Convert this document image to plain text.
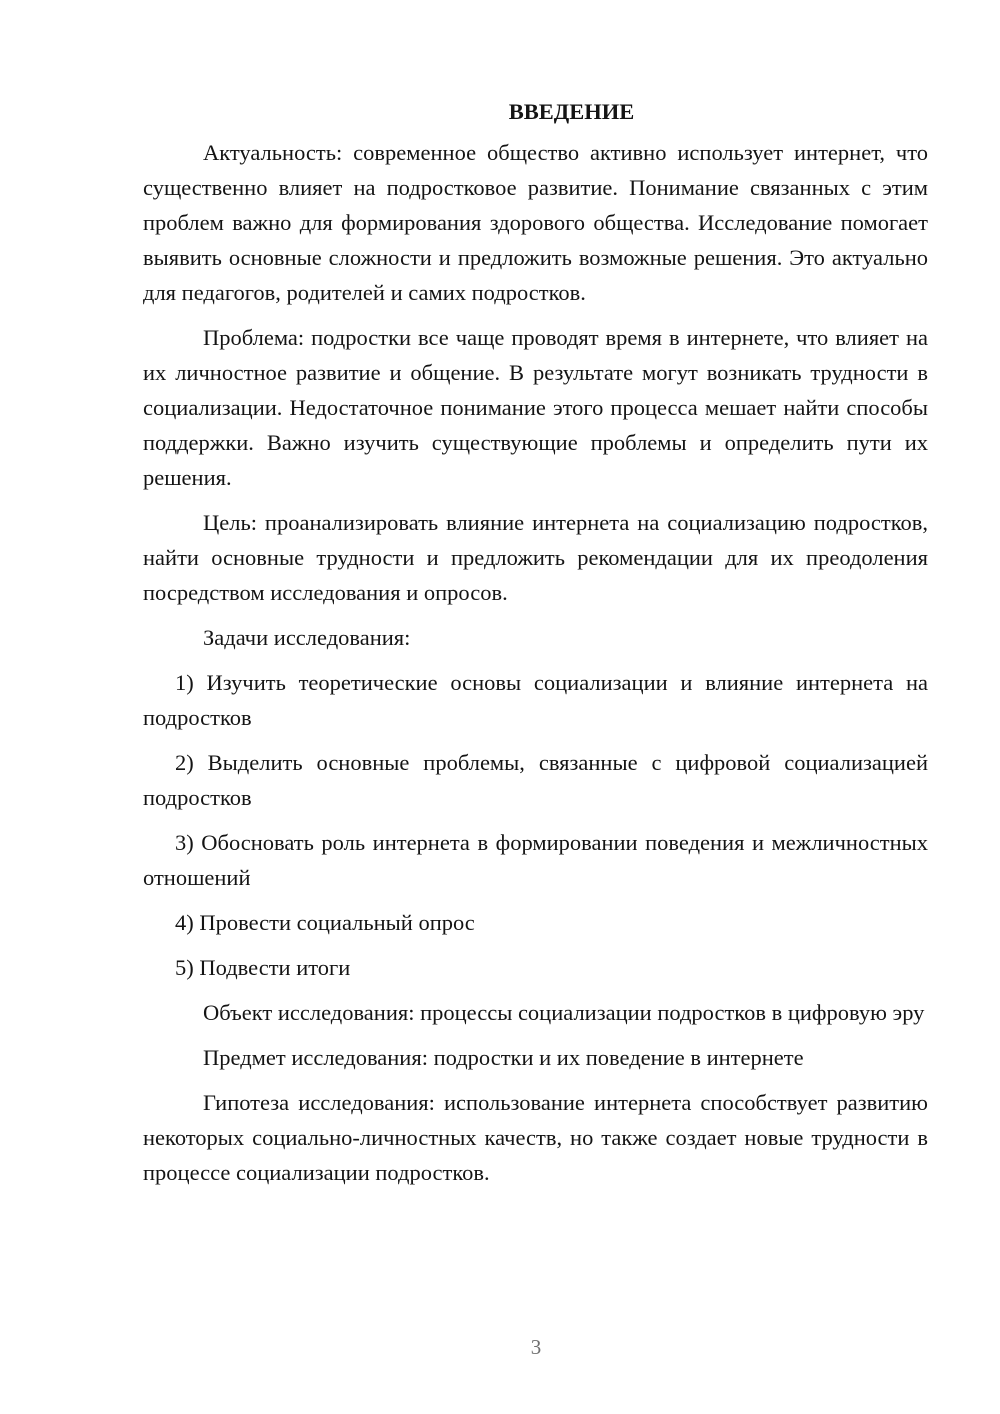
ВВЕДЕНИЕ

Актуальность: современное общество активно использует интернет, что существенно влияет на подростковое развитие. Понимание связанных с этим проблем важно для формирования здорового общества. Исследование помогает выявить основные сложности и предложить возможные решения. Это актуально для педагогов, родителей и самих подростков.

Проблема: подростки все чаще проводят время в интернете, что влияет на их личностное развитие и общение. В результате могут возникать трудности в социализации. Недостаточное понимание этого процесса мешает найти способы поддержки. Важно изучить существующие проблемы и определить пути их решения.

Цель: проанализировать влияние интернета на социализацию подростков, найти основные трудности и предложить рекомендации для их преодоления посредством исследования и опросов.

Задачи исследования:

1) Изучить теоретические основы социализации и влияние интернета на подростков

2) Выделить основные проблемы, связанные с цифровой социализацией подростков

3) Обосновать роль интернета в формировании поведения и межличностных отношений

4) Провести социальный опрос

5) Подвести итоги

Объект исследования: процессы социализации подростков в цифровую эру

Предмет исследования: подростки и их поведение в интернете

Гипотеза исследования: использование интернета способствует развитию некоторых социально-личностных качеств, но также создает новые трудности в процессе социализации подростков.

3
